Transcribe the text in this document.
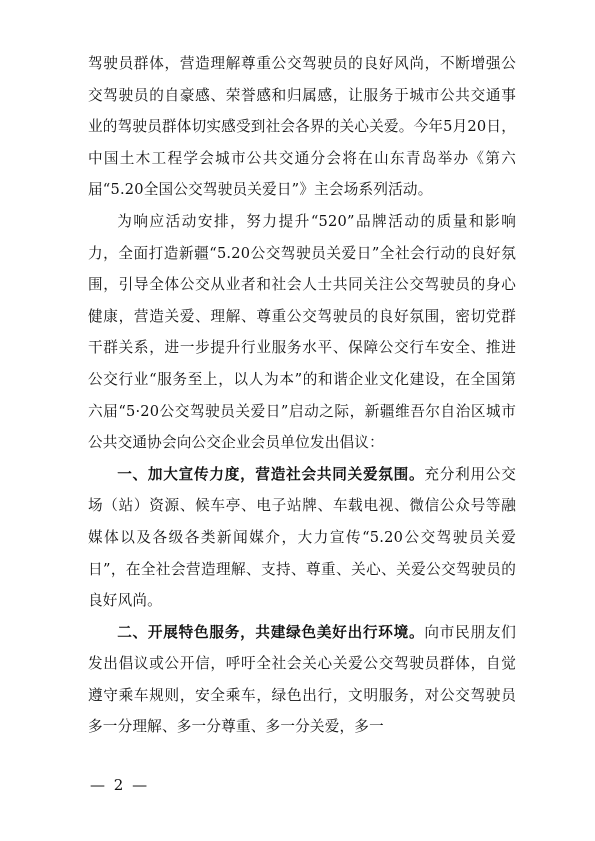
驾驶员群体，营造理解尊重公交驾驶员的良好风尚，不断增强公交驾驶员的自豪感、荣誉感和归属感，让服务于城市公共交通事业的驾驶员群体切实感受到社会各界的关心关爱。今年5月20日，中国土木工程学会城市公共交通分会将在山东青岛举办《第六届“5.20全国公交驾驶员关爱日”》主会场系列活动。

为响应活动安排，努力提升“520”品牌活动的质量和影响力，全面打造新疆“5.20公交驾驶员关爱日”全社会行动的良好氛围，引导全体公交从业者和社会人士共同关注公交驾驶员的身心健康，营造关爱、理解、尊重公交驾驶员的良好氛围，密切党群干群关系，进一步提升行业服务水平、保障公交行车安全、推进公交行业“服务至上，以人为本”的和谐企业文化建设，在全国第六届“5·20公交驾驶员关爱日”启动之际，新疆维吾尔自治区城市公共交通协会向公交企业会员单位发出倡议：

一、加大宣传力度，营造社会共同关爱氛围。充分利用公交场（站）资源、候车亭、电子站牌、车载电视、微信公众号等融媒体以及各级各类新闻媒介，大力宣传“5.20公交驾驶员关爱日”，在全社会营造理解、支持、尊重、关心、关爱公交驾驶员的良好风尚。

二、开展特色服务，共建绿色美好出行环境。向市民朋友们发出倡议或公开信，呼吁全社会关心关爱公交驾驶员群体，自觉遵守乘车规则，安全乘车，绿色出行，文明服务，对公交驾驶员多一分理解、多一分尊重、多一分关爱，多一

— 2 —
